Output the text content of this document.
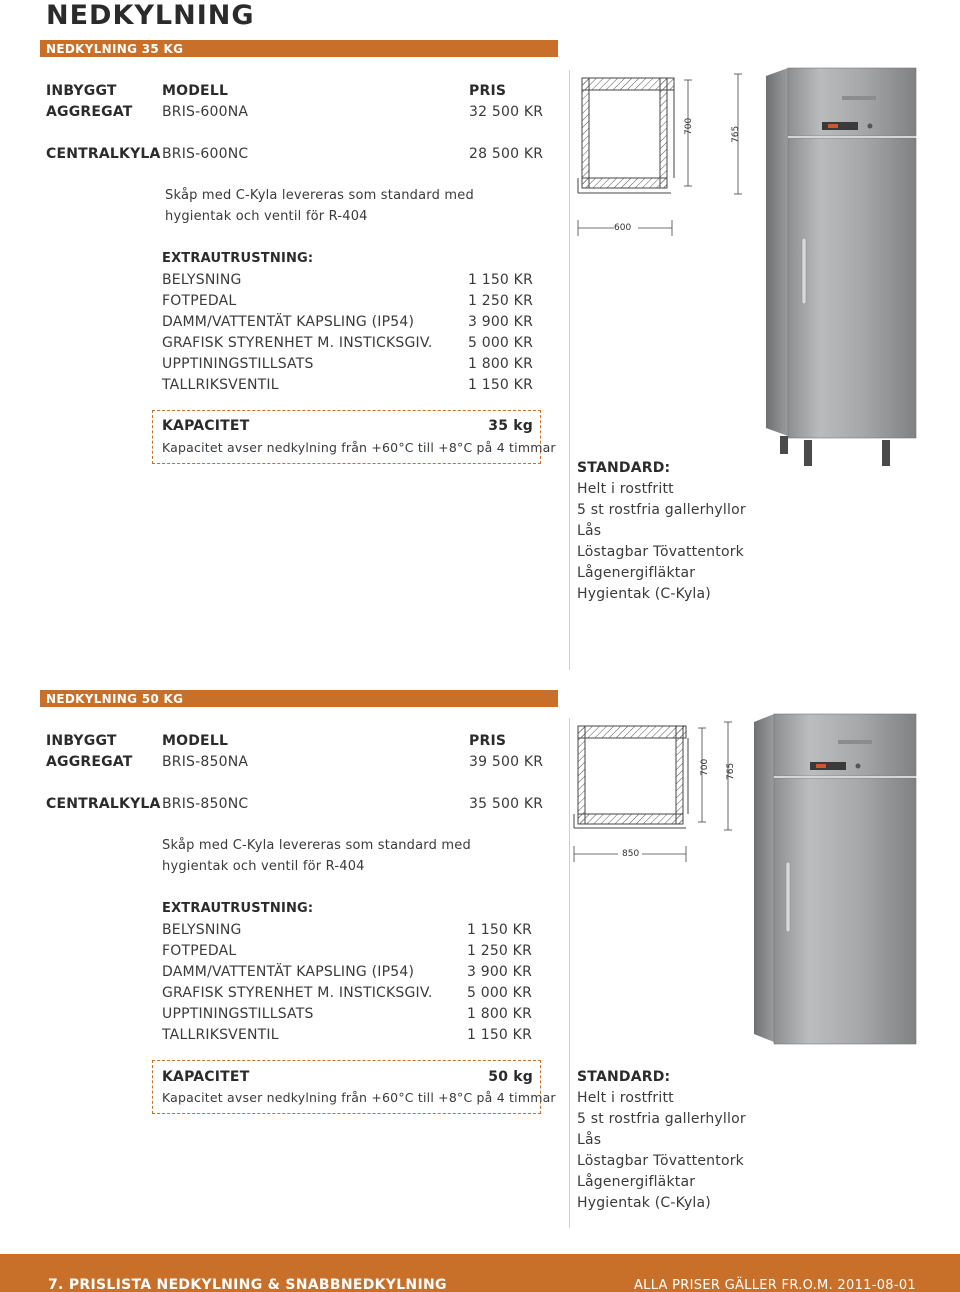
NEDKYLNING
NEDKYLNING 35 KG
INBYGGT	MODELL	PRIS
AGGREGAT BRIS-600NA	32 500 KR
CENTRALKYLA BRIS-600NC	28 500 KR
Skåp med C-Kyla levereras som standard med
hygientak och ventil för R-404
EXTRAUTRUSTNING:
BELYSNING	1 150 KR
FOTPEDAL	1 250 KR
DAMM/VATTENTÄT KAPSLING (IP54)	3 900 KR
GRAFISK STYRENHET M. INSTICKSGIV.	5 000 KR
UPPTININGSTILLSATS	1 800 KR
TALLRIKSVENTIL	1 150 KR
KAPACITET	35 kg
Kapacitet avser nedkylning från +60°C till +8°C på 4 timmar
600
700	765
STANDARD:
Helt i rostfritt
5 st rostfria gallerhyllor
Lås
Löstagbar Tövattentork
Lågenergifläktar
Hygientak (C-Kyla)
NEDKYLNING 50 KG
INBYGGT	MODELL	PRIS
AGGREGAT BRIS-850NA	39 500 KR
CENTRALKYLA BRIS-850NC	35 500 KR
Skåp med C-Kyla levereras som standard med
hygientak och ventil för R-404
EXTRAUTRUSTNING:
BELYSNING	1 150 KR
FOTPEDAL	1 250 KR
DAMM/VATTENTÄT KAPSLING (IP54)	3 900 KR
GRAFISK STYRENHET M. INSTICKSGIV.	5 000 KR
UPPTININGSTILLSATS	1 800 KR
TALLRIKSVENTIL	1 150 KR
KAPACITET	50 kg
Kapacitet avser nedkylning från +60°C till +8°C på 4 timmar
850
700 765
STANDARD:
Helt i rostfritt
5 st rostfria gallerhyllor
Lås
Löstagbar Tövattentork
Lågenergifläktar
Hygientak (C-Kyla)
7. PRISLISTA NEDKYLNING & SNABBNEDKYLNING	ALLA PRISER GÄLLER FR.O.M. 2011-08-01
